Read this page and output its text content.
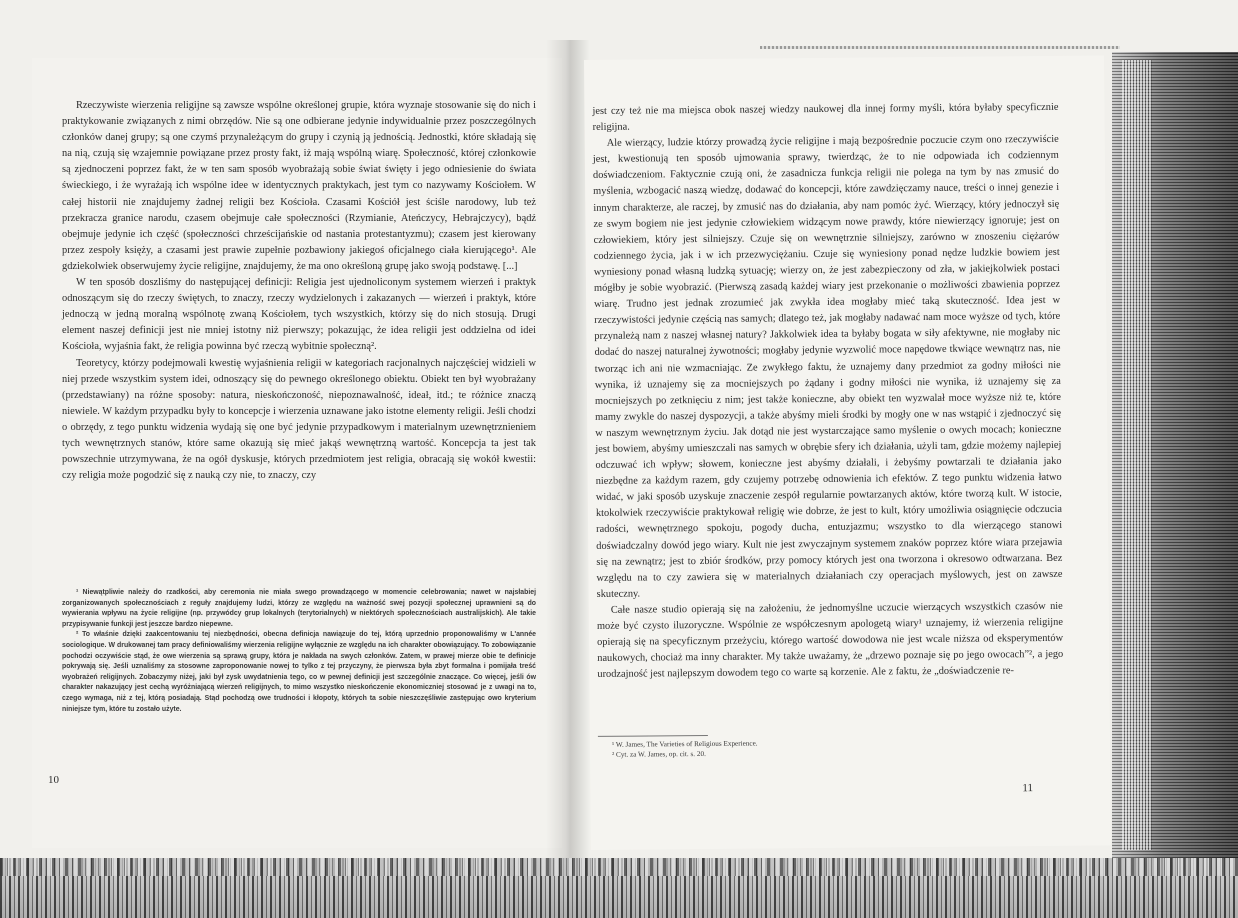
Rzeczywiste wierzenia religijne są zawsze wspólne określonej grupie, która wyznaje stosowanie się do nich i praktykowanie związanych z nimi obrzędów. Nie są one odbierane jedynie indywidualnie przez poszczególnych członków danej grupy; są one czymś przynależącym do grupy i czynią ją jednością. Jednostki, które składają się na nią, czują się wzajemnie powiązane przez prosty fakt, iż mają wspólną wiarę. Społeczność, której członkowie są zjednoczeni poprzez fakt, że w ten sam sposób wyobrażają sobie świat święty i jego odniesienie do świata świeckiego, i że wyrażają ich wspólne idee w identycznych praktykach, jest tym co nazywamy Kościołem. W całej historii nie znajdujemy żadnej religii bez Kościoła. Czasami Kościół jest ściśle narodowy, lub też przekracza granice narodu, czasem obejmuje całe społeczności (Rzymianie, Ateńczycy, Hebrajczycy), bądź obejmuje jedynie ich część (społeczności chrześcijańskie od nastania protestantyzmu); czasem jest kierowany przez zespoły księży, a czasami jest prawie zupełnie pozbawiony jakiegoś oficjalnego ciała kierującego¹. Ale gdziekolwiek obserwujemy życie religijne, znajdujemy, że ma ono określoną grupę jako swoją podstawę. [...]

W ten sposób doszliśmy do następującej definicji: Religia jest ujednoliconym systemem wierzeń i praktyk odnoszącym się do rzeczy świętych, to znaczy, rzeczy wydzielonych i zakazanych — wierzeń i praktyk, które jednoczą w jedną moralną wspólnotę zwaną Kościołem, tych wszystkich, którzy się do nich stosują. Drugi element naszej definicji jest nie mniej istotny niż pierwszy; pokazując, że idea religii jest oddzielna od idei Kościoła, wyjaśnia fakt, że religia powinna być rzeczą wybitnie społeczną².

Teoretycy, którzy podejmowali kwestię wyjaśnienia religii w kategoriach racjonalnych najczęściej widzieli w niej przede wszystkim system idei, odnoszący się do pewnego określonego obiektu. Obiekt ten był wyobrażany (przedstawiany) na różne sposoby: natura, nieskończoność, niepoznawalność, ideał, itd.; te różnice znaczą niewiele. W każdym przypadku były to koncepcje i wierzenia uznawane jako istotne elementy religii. Jeśli chodzi o obrzędy, z tego punktu widzenia wydają się one być jedynie przypadkowym i materialnym uzewnętrznieniem tych wewnętrznych stanów, które same okazują się mieć jakąś wewnętrzną wartość. Koncepcja ta jest tak powszechnie utrzymywana, że na ogół dyskusje, których przedmiotem jest religia, obracają się wokół kwestii: czy religia może pogodzić się z nauką czy nie, to znaczy, czy

¹ Niewątpliwie należy do rzadkości, aby ceremonia nie miała swego prowadzącego w momencie celebrowania; nawet w najsłabiej zorganizowanych społecznościach z reguły znajdujemy ludzi, którzy ze względu na ważność swej pozycji społecznej uprawnieni są do wywierania wpływu na życie religijne (np. przywódcy grup lokalnych (terytorialnych) w niektórych społecznościach australijskich). Ale takie przypisywanie funkcji jest jeszcze bardzo niepewne.

² To właśnie dzięki zaakcentowaniu tej niezbędności, obecna definicja nawiązuje do tej, którą uprzednio proponowaliśmy w L'année sociologique. W drukowanej tam pracy definiowaliśmy wierzenia religijne wyłącznie ze względu na ich charakter obowiązujący. To zobowiązanie pochodzi oczywiście stąd, że owe wierzenia są sprawą grupy, która je nakłada na swych członków. Zatem, w prawej mierze obie te definicje pokrywają się. Jeśli uznaliśmy za stosowne zaproponowanie nowej to tylko z tej przyczyny, że pierwsza była zbyt formalna i pomijała treść wyobrażeń religijnych. Zobaczymy niżej, jaki był zysk uwydatnienia tego, co w pewnej definicji jest szczególnie znaczące. Co więcej, jeśli ów charakter nakazujący jest cechą wyróżniającą wierzeń religijnych, to mimo wszystko nieskończenie ekonomiczniej stosować je z uwagi na to, czego wymaga, niż z tej, którą posiadają. Stąd pochodzą owe trudności i kłopoty, których ta sobie nieszczęśliwie zastępując owo kryterium niniejsze tym, które tu zostało użyte.

10

jest czy też nie ma miejsca obok naszej wiedzy naukowej dla innej formy myśli, która byłaby specyficznie religijna.

Ale wierzący, ludzie którzy prowadzą życie religijne i mają bezpośrednie poczucie czym ono rzeczywiście jest, kwestionują ten sposób ujmowania sprawy, twierdząc, że to nie odpowiada ich codziennym doświadczeniom. Faktycznie czują oni, że zasadnicza funkcja religii nie polega na tym by nas zmusić do myślenia, wzbogacić naszą wiedzę, dodawać do koncepcji, które zawdzięczamy nauce, treści o innej genezie i innym charakterze, ale raczej, by zmusić nas do działania, aby nam pomóc żyć. Wierzący, który jednoczył się ze swym bogiem nie jest jedynie człowiekiem widzącym nowe prawdy, które niewierzący ignoruje; jest on człowiekiem, który jest silniejszy. Czuje się on wewnętrznie silniejszy, zarówno w znoszeniu ciężarów codziennego życia, jak i w ich przezwyciężaniu. Czuje się wyniesiony ponad nędze ludzkie bowiem jest wyniesiony ponad własną ludzką sytuację; wierzy on, że jest zabezpieczony od zła, w jakiejkolwiek postaci mógłby je sobie wyobrazić. (Pierwszą zasadą każdej wiary jest przekonanie o możliwości zbawienia poprzez wiarę. Trudno jest jednak zrozumieć jak zwykła idea mogłaby mieć taką skuteczność. Idea jest w rzeczywistości jedynie częścią nas samych; dlatego też, jak mogłaby nadawać nam moce wyższe od tych, które przynależą nam z naszej własnej natury? Jakkolwiek idea ta byłaby bogata w siły afektywne, nie mogłaby nic dodać do naszej naturalnej żywotności; mogłaby jedynie wyzwolić moce napędowe tkwiące wewnątrz nas, nie tworząc ich ani nie wzmacniając. Ze zwykłego faktu, że uznajemy dany przedmiot za godny miłości nie wynika, iż uznajemy się za mocniejszych po żądany i godny miłości nie wynika, iż uznajemy się za mocniejszych po zetknięciu z nim; jest także konieczne, aby obiekt ten wyzwalał moce wyższe niż te, które mamy zwykle do naszej dyspozycji, a także abyśmy mieli środki by mogły one w nas wstąpić i zjednoczyć się w naszym wewnętrznym życiu. Jak dotąd nie jest wystarczające samo myślenie o owych mocach; konieczne jest bowiem, abyśmy umieszczali nas samych w obrębie sfery ich działania, użyli tam, gdzie możemy najlepiej odczuwać ich wpływ; słowem, konieczne jest abyśmy działali, i żebyśmy powtarzali te działania jako niezbędne za każdym razem, gdy czujemy potrzebę odnowienia ich efektów. Z tego punktu widzenia łatwo widać, w jaki sposób uzyskuje znaczenie zespół regularnie powtarzanych aktów, które tworzą kult. W istocie, ktokolwiek rzeczywiście praktykował religię wie dobrze, że jest to kult, który umożliwia osiągnięcie odczucia radości, wewnętrznego spokoju, pogody ducha, entuzjazmu; wszystko to dla wierzącego stanowi doświadczalny dowód jego wiary. Kult nie jest zwyczajnym systemem znaków poprzez które wiara przejawia się na zewnątrz; jest to zbiór środków, przy pomocy których jest ona tworzona i okresowo odtwarzana. Bez względu na to czy zawiera się w materialnych działaniach czy operacjach myślowych, jest on zawsze skuteczny.

Całe nasze studio opierają się na założeniu, że jednomyślne uczucie wierzących wszystkich czasów nie może być czysto iluzoryczne. Wspólnie ze współczesnym apologetą wiary¹ uznajemy, iż wierzenia religijne opierają się na specyficznym przeżyciu, którego wartość dowodowa nie jest wcale niższa od eksperymentów naukowych, chociaż ma inny charakter. My także uważamy, że „drzewo poznaje się po jego owocach”², a jego urodzajność jest najlepszym dowodem tego co warte są korzenie. Ale z faktu, że „doświadczenie re-

¹ W. James, The Varieties of Religious Experience.

² Cyt. za W. James, op. cit. s. 20.

11
